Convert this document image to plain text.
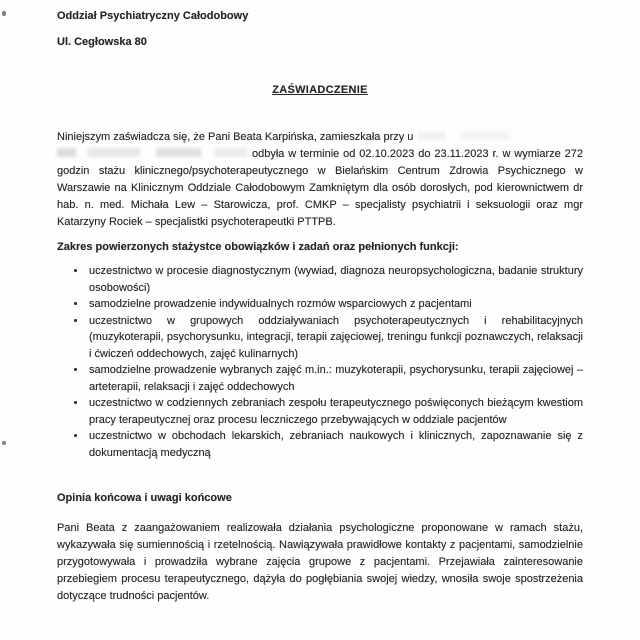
Oddział Psychiatryczny Całodobowy
Ul. Cegłowska 80
ZAŚWIADCZENIE
Niniejszym zaświadcza się, że Pani Beata Karpińska, zamieszkała przy u

odbyła w terminie od 02.10.2023 do 23.11.2023 r. w wymiarze 272 godzin stażu klinicznego/psychoterapeutycznego w Bielańskim Centrum Zdrowia Psychicznego w Warszawie na Klinicznym Oddziale Całodobowym Zamkniętym dla osób dorosłych, pod kierownictwem dr hab. n. med. Michała Lew – Starowicza, prof. CMKP – specjalisty psychiatrii i seksuologii oraz mgr Katarzyny Rociek – specjalistki psychoterapeutki PTTPB.

Zakres powierzonych stażystce obowiązków i zadań oraz pełnionych funkcji:
• uczestnictwo w procesie diagnostycznym (wywiad, diagnoza neuropsychologiczna, badanie struktury osobowości)
• samodzielne prowadzenie indywidualnych rozmów wsparciowych z pacjentami
• uczestnictwo w grupowych oddziaływaniach psychoterapeutycznych i rehabilitacyjnych (muzykoterapii, psychorysunku, integracji, terapii zajęciowej, treningu funkcji poznawczych, relaksacji i ćwiczeń oddechowych, zajęć kulinarnych)
• samodzielne prowadzenie wybranych zajęć m.in.: muzykoterapii, psychorysunku, terapii zajęciowej – arteterapii, relaksacji i zajęć oddechowych
• uczestnictwo w codziennych zebraniach zespołu terapeutycznego poświęconych bieżącym kwestiom pracy terapeutycznej oraz procesu leczniczego przebywających w oddziale pacjentów
• uczestnictwo w obchodach lekarskich, zebraniach naukowych i klinicznych, zapoznawanie się z dokumentacją medyczną
Opinia końcowa i uwagi końcowe

Pani Beata z zaangażowaniem realizowała działania psychologiczne proponowane w ramach stażu, wykazywała się sumiennością i rzetelnością. Nawiązywała prawidłowe kontakty z pacjentami, samodzielnie przygotowywała i prowadziła wybrane zajęcia grupowe z pacjentami. Przejawiała zainteresowanie przebiegiem procesu terapeutycznego, dążyła do pogłębiania swojej wiedzy, wnosiła swoje spostrzeżenia dotyczące trudności pacjentów.
